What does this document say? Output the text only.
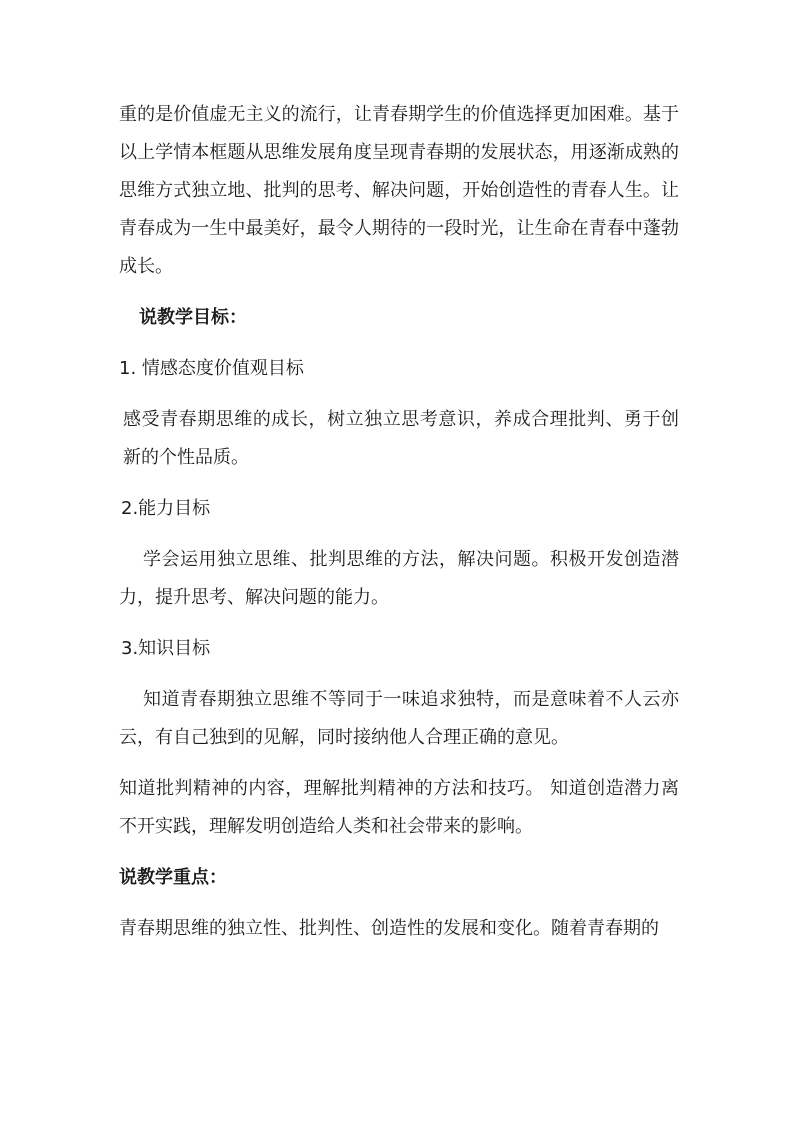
重的是价值虚无主义的流行，让青春期学生的价值选择更加困难。基于以上学情本框题从思维发展角度呈现青春期的发展状态，用逐渐成熟的思维方式独立地、批判的思考、解决问题，开始创造性的青春人生。让青春成为一生中最美好，最令人期待的一段时光，让生命在青春中蓬勃成长。

说教学目标：

1. 情感态度价值观目标

感受青春期思维的成长，树立独立思考意识，养成合理批判、勇于创新的个性品质。

2.能力目标

学会运用独立思维、批判思维的方法，解决问题。积极开发创造潜力，提升思考、解决问题的能力。

3.知识目标

知道青春期独立思维不等同于一味追求独特，而是意味着不人云亦云，有自己独到的见解，同时接纳他人合理正确的意见。

知道批判精神的内容，理解批判精神的方法和技巧。 知道创造潜力离不开实践，理解发明创造给人类和社会带来的影响。

说教学重点：

青春期思维的独立性、批判性、创造性的发展和变化。随着青春期的
